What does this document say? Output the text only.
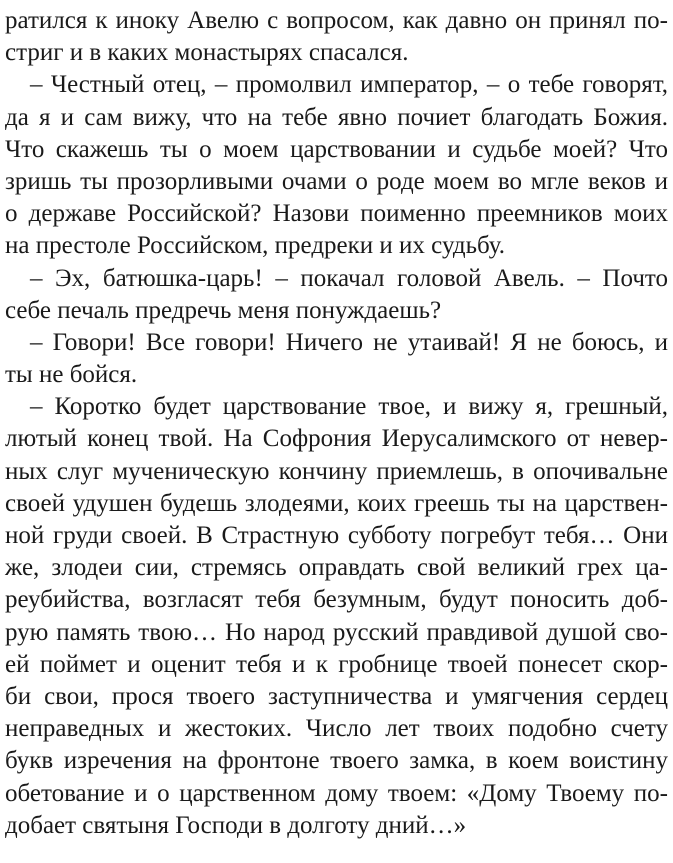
ратился к иноку Авелю с вопросом, как давно он принял по-
стриг и в каких монастырях спасался.
– Честный отец, – промолвил император, – о тебе говорят,
да я и сам вижу, что на тебе явно почиет благодать Божия.
Что скажешь ты о моем царствовании и судьбе моей? Что
зришь ты прозорливыми очами о роде моем во мгле веков и
о державе Российской? Назови поименно преемников моих
на престоле Российском, предреки и их судьбу.
– Эх, батюшка-царь! – покачал головой Авель. – Почто
себе печаль предречь меня понуждаешь?
– Говори! Все говори! Ничего не утаивай! Я не боюсь, и
ты не бойся.
– Коротко будет царствование твое, и вижу я, грешный,
лютый конец твой. На Софрония Иерусалимского от невер-
ных слуг мученическую кончину приемлешь, в опочивальне
своей удушен будешь злодеями, коих греешь ты на царствен-
ной груди своей. В Страстную субботу погребут тебя… Они
же, злодеи сии, стремясь оправдать свой великий грех ца-
реубийства, возгласят тебя безумным, будут поносить доб-
рую память твою… Но народ русский правдивой душой сво-
ей поймет и оценит тебя и к гробнице твоей понесет скор-
би свои, прося твоего заступничества и умягчения сердец
неправедных и жестоких. Число лет твоих подобно счету
букв изречения на фронтоне твоего замка, в коем воистину
обетование и о царственном дому твоем: «Дому Твоему по-
добает святыня Господи в долготу дний…»
